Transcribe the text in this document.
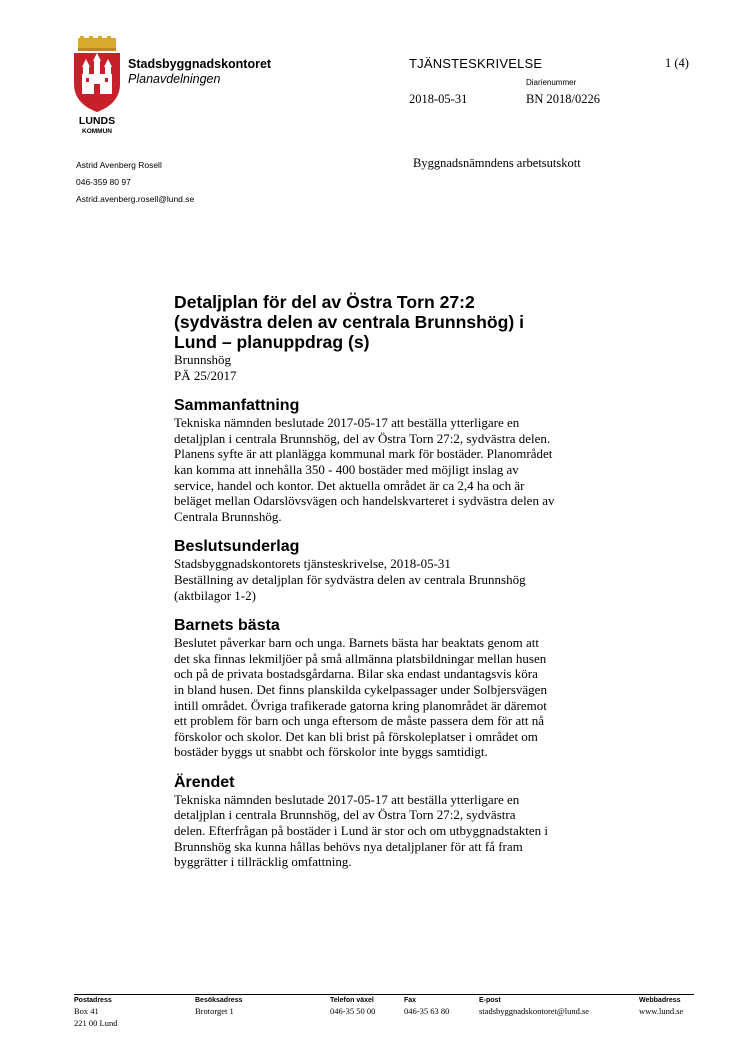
LUNDS
KOMMUN
Stadsbyggnadskontoret
Planavdelningen
TJÄNSTESKRIVELSE	1 (4)
Diarienummer
2018-05-31	BN 2018/0226
Astrid Avenberg Rosell
046-359 80 97
Astrid.avenberg.rosell@lund.se
Byggnadsnämndens arbetsutskott
Detaljplan för del av Östra Torn 27:2
(sydvästra delen av centrala Brunnshög) i
Lund – planuppdrag (s)
Brunnshög
PÄ 25/2017
Sammanfattning
Tekniska nämnden beslutade 2017-05-17 att beställa ytterligare en
detaljplan i centrala Brunnshög, del av Östra Torn 27:2, sydvästra delen.
Planens syfte är att planlägga kommunal mark för bostäder. Planområdet
kan komma att innehålla 350 - 400 bostäder med möjligt inslag av
service, handel och kontor. Det aktuella området är ca 2,4 ha och är
beläget mellan Odarslövsvägen och handelskvarteret i sydvästra delen av
Centrala Brunnshög.
Beslutsunderlag
Stadsbyggnadskontorets tjänsteskrivelse, 2018-05-31
Beställning av detaljplan för sydvästra delen av centrala Brunnshög
(aktbilagor 1-2)
Barnets bästa
Beslutet påverkar barn och unga. Barnets bästa har beaktats genom att
det ska finnas lekmiljöer på små allmänna platsbildningar mellan husen
och på de privata bostadsgårdarna. Bilar ska endast undantagsvis köra
in bland husen. Det finns planskilda cykelpassager under Solbjersvägen
intill området. Övriga trafikerade gatorna kring planområdet är däremot
ett problem för barn och unga eftersom de måste passera dem för att nå
förskolor och skolor. Det kan bli brist på förskoleplatser i området om
bostäder byggs ut snabbt och förskolor inte byggs samtidigt.
Ärendet
Tekniska nämnden beslutade 2017-05-17 att beställa ytterligare en
detaljplan i centrala Brunnshög, del av Östra Torn 27:2, sydvästra
delen. Efterfrågan på bostäder i Lund är stor och om utbyggnadstakten i
Brunnshög ska kunna hållas behövs nya detaljplaner för att få fram
byggrätter i tillräcklig omfattning.
Postadress
Box 41
221 00 Lund
Besöksadress
Brotorget 1
Telefon växel
046-35 50 00
Fax
046-35 63 80
E-post
stadsbyggnadskontoret@lund.se
Webbadress
www.lund.se
